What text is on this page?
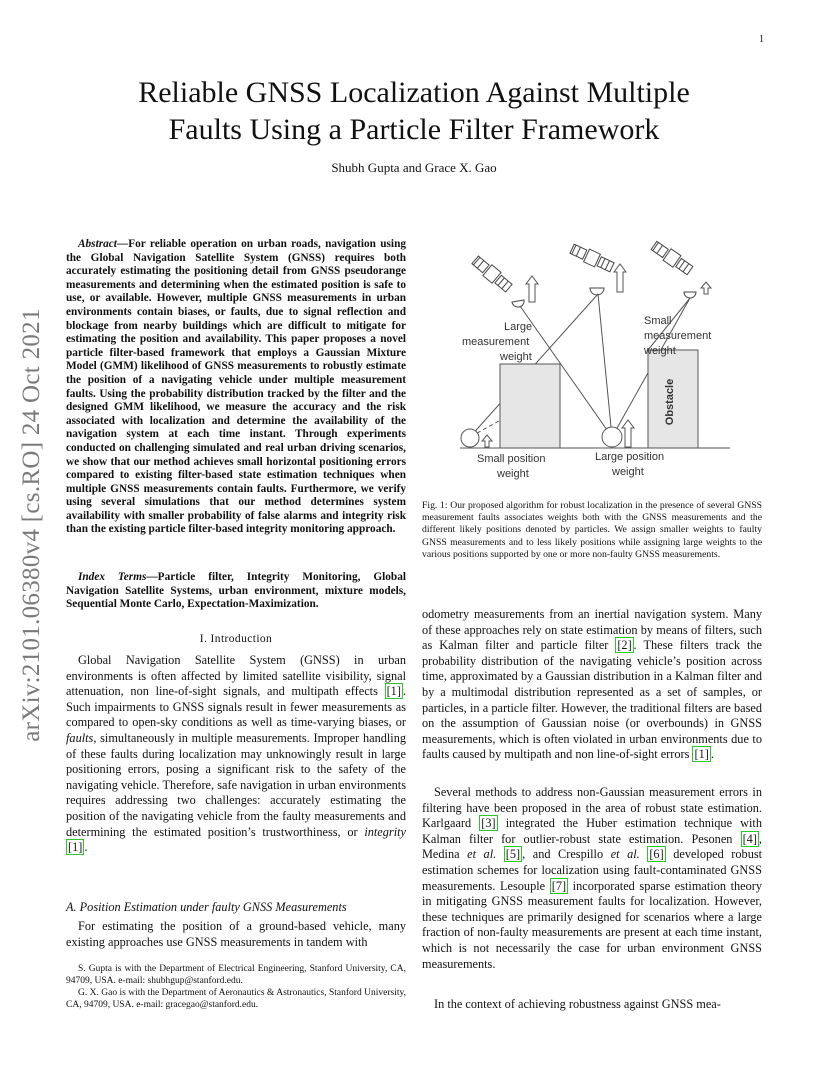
1
arXiv:2101.06380v4 [cs.RO] 24 Oct 2021
Reliable GNSS Localization Against Multiple
Faults Using a Particle Filter Framework
Shubh Gupta and Grace X. Gao
Abstract—For reliable operation on urban roads, navigation using the Global Navigation Satellite System (GNSS) requires both accurately estimating the positioning detail from GNSS pseudorange measurements and determining when the estimated position is safe to use, or available. However, multiple GNSS measurements in urban environments contain biases, or faults, due to signal reflection and blockage from nearby buildings which are difficult to mitigate for estimating the position and availability. This paper proposes a novel particle filter-based framework that employs a Gaussian Mixture Model (GMM) likelihood of GNSS measurements to robustly estimate the position of a navigating vehicle under multiple measurement faults. Using the probability distribution tracked by the filter and the designed GMM likelihood, we measure the accuracy and the risk associated with localization and determine the availability of the navigation system at each time instant. Through experiments conducted on challenging simulated and real urban driving scenarios, we show that our method achieves small horizontal positioning errors compared to existing filter-based state estimation techniques when multiple GNSS measurements contain faults. Furthermore, we verify using several simulations that our method determines system availability with smaller probability of false alarms and integrity risk than the existing particle filter-based integrity monitoring approach.
Index Terms—Particle filter, Integrity Monitoring, Global Navigation Satellite Systems, urban environment, mixture models, Sequential Monte Carlo, Expectation-Maximization.
I. Introduction
Global Navigation Satellite System (GNSS) in urban environments is often affected by limited satellite visibility, signal attenuation, non line-of-sight signals, and multipath effects [1] . Such impairments to GNSS signals result in fewer measurements as compared to open-sky conditions as well as time-varying biases, or faults, simultaneously in multiple measurements. Improper handling of these faults during localization may unknowingly result in large positioning errors, posing a significant risk to the safety of the navigating vehicle. Therefore, safe navigation in urban environments requires addressing two challenges: accurately estimating the position of the navigating vehicle from the faulty measurements and determining the estimated position’s trustworthiness, or integrity [1] .
A. Position Estimation under faulty GNSS Measurements
For estimating the position of a ground-based vehicle, many existing approaches use GNSS measurements in tandem with
S. Gupta is with the Department of Electrical Engineering, Stanford University, CA, 94709, USA. e-mail: shubhgup@stanford.edu.
G. X. Gao is with the Department of Aeronautics & Astronautics, Stanford University, CA, 94709, USA. e-mail: gracegao@stanford.edu.
Large
measurement
weight
Small
measurement
weight
Obstacle
Small position
weight
Large position
weight
Fig. 1: Our proposed algorithm for robust localization in the presence of several GNSS measurement faults associates weights both with the GNSS measurements and the different likely positions denoted by particles. We assign smaller weights to faulty GNSS measurements and to less likely positions while assigning large weights to the various positions supported by one or more non-faulty GNSS measurements.
odometry measurements from an inertial navigation system. Many of these approaches rely on state estimation by means of filters, such as Kalman filter and particle filter [2] . These filters track the probability distribution of the navigating vehicle’s position across time, approximated by a Gaussian distribution in a Kalman filter and by a multimodal distribution represented as a set of samples, or particles, in a particle filter. However, the traditional filters are based on the assumption of Gaussian noise (or overbounds) in GNSS measurements, which is often violated in urban environments due to faults caused by multipath and non line-of-sight errors [1] .
Several methods to address non-Gaussian measurement errors in filtering have been proposed in the area of robust state estimation. Karlgaard [3] integrated the Huber estimation technique with Kalman filter for outlier-robust state estimation. Pesonen [4] , Medina et al. [5] , and Crespillo et al. [6] developed robust estimation schemes for localization using fault-contaminated GNSS measurements. Lesouple [7] incorporated sparse estimation theory in mitigating GNSS measurement faults for localization. However, these techniques are primarily designed for scenarios where a large fraction of non-faulty measurements are present at each time instant, which is not necessarily the case for urban environment GNSS measurements.
In the context of achieving robustness against GNSS mea-
